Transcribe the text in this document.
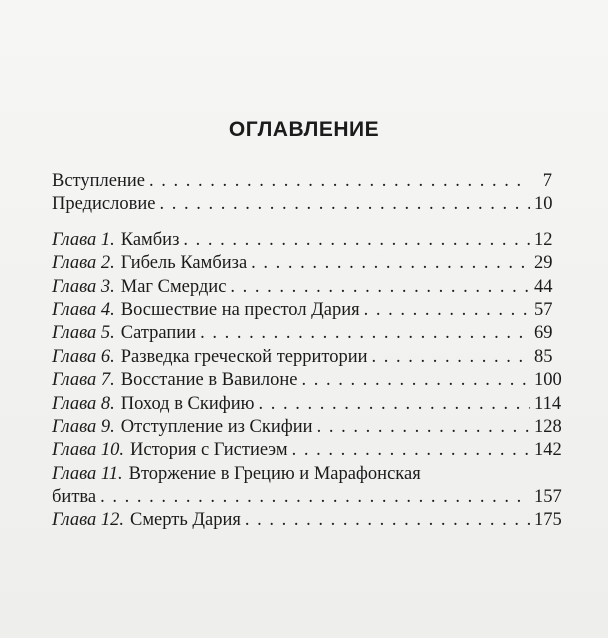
ОГЛАВЛЕНИЕ
Вступление . . .	7
Предисловие . . .	10
Глава 1. Камбиз . . .	12
Глава 2. Гибель Камбиза . . .	29
Глава 3. Маг Смердис . . .	44
Глава 4. Восшествие на престол Дария . . .	57
Глава 5. Сатрапии . . .	69
Глава 6. Разведка греческой территории . . .	85
Глава 7. Восстание в Вавилоне . . .	100
Глава 8. Поход в Скифию . . .	114
Глава 9. Отступление из Скифии . . .	128
Глава 10. История с Гистиеэм . . .	142
Глава 11. Вторжение в Грецию и Марафонская
битва . . .	157
Глава 12. Смерть Дария . . .	175
